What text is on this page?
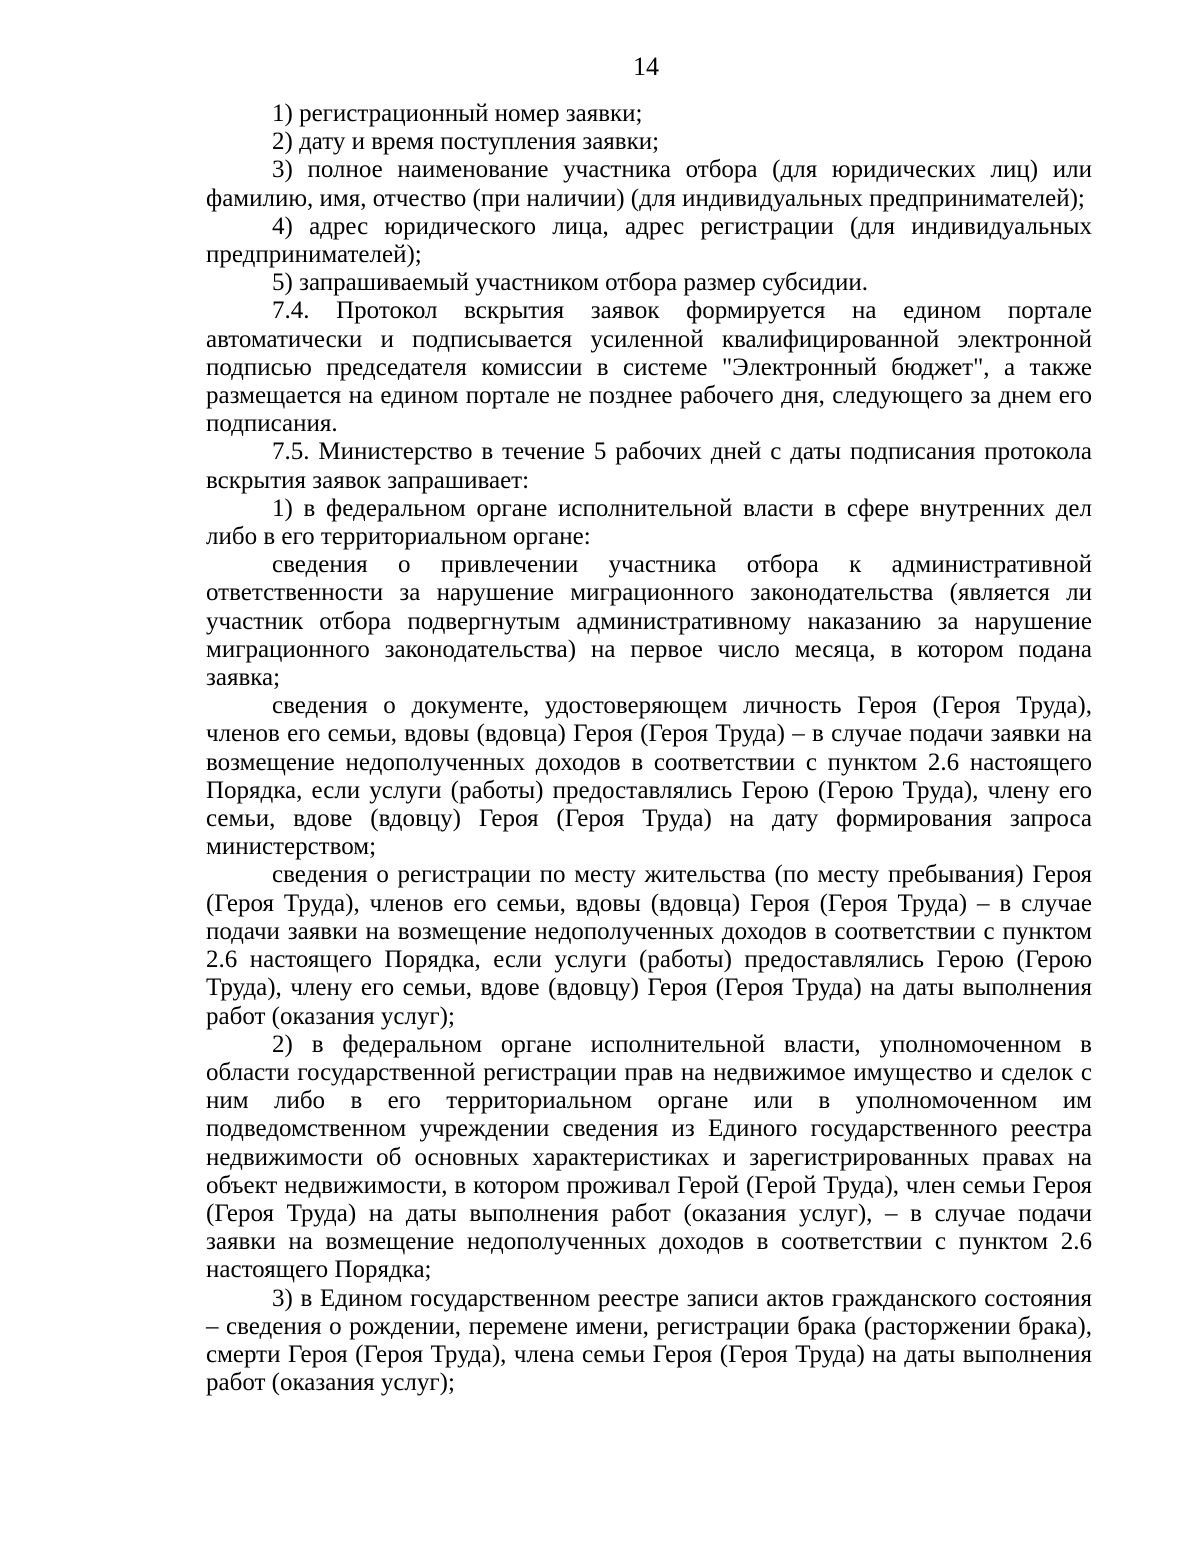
14

1) регистрационный номер заявки;

2) дату и время поступления заявки;

3) полное наименование участника отбора (для юридических лиц) или фамилию, имя, отчество (при наличии) (для индивидуальных предпринимателей);

4) адрес юридического лица, адрес регистрации (для индивидуальных предпринимателей);

5) запрашиваемый участником отбора размер субсидии.

7.4. Протокол вскрытия заявок формируется на едином портале автоматически и подписывается усиленной квалифицированной электронной подписью председателя комиссии в системе "Электронный бюджет", а также размещается на едином портале не позднее рабочего дня, следующего за днем его подписания.

7.5. Министерство в течение 5 рабочих дней с даты подписания протокола вскрытия заявок запрашивает:

1) в федеральном органе исполнительной власти в сфере внутренних дел либо в его территориальном органе:

сведения о привлечении участника отбора к административной ответственности за нарушение миграционного законодательства (является ли участник отбора подвергнутым административному наказанию за нарушение миграционного законодательства) на первое число месяца, в котором подана заявка;

сведения о документе, удостоверяющем личность Героя (Героя Труда), членов его семьи, вдовы (вдовца) Героя (Героя Труда) – в случае подачи заявки на возмещение недополученных доходов в соответствии с пунктом 2.6 настоящего Порядка, если услуги (работы) предоставлялись Герою (Герою Труда), члену его семьи, вдове (вдовцу) Героя (Героя Труда) на дату формирования запроса министерством;

сведения о регистрации по месту жительства (по месту пребывания) Героя (Героя Труда), членов его семьи, вдовы (вдовца) Героя (Героя Труда) – в случае подачи заявки на возмещение недополученных доходов в соответствии с пунктом 2.6 настоящего Порядка, если услуги (работы) предоставлялись Герою (Герою Труда), члену его семьи, вдове (вдовцу) Героя (Героя Труда) на даты выполнения работ (оказания услуг);

2) в федеральном органе исполнительной власти, уполномоченном в области государственной регистрации прав на недвижимое имущество и сделок с ним либо в его территориальном органе или в уполномоченном им подведомственном учреждении сведения из Единого государственного реестра недвижимости об основных характеристиках и зарегистрированных правах на объект недвижимости, в котором проживал Герой (Герой Труда), член семьи Героя (Героя Труда) на даты выполнения работ (оказания услуг), – в случае подачи заявки на возмещение недополученных доходов в соответствии с пунктом 2.6 настоящего Порядка;

3) в Едином государственном реестре записи актов гражданского состояния – сведения о рождении, перемене имени, регистрации брака (расторжении брака), смерти Героя (Героя Труда), члена семьи Героя (Героя Труда) на даты выполнения работ (оказания услуг);
